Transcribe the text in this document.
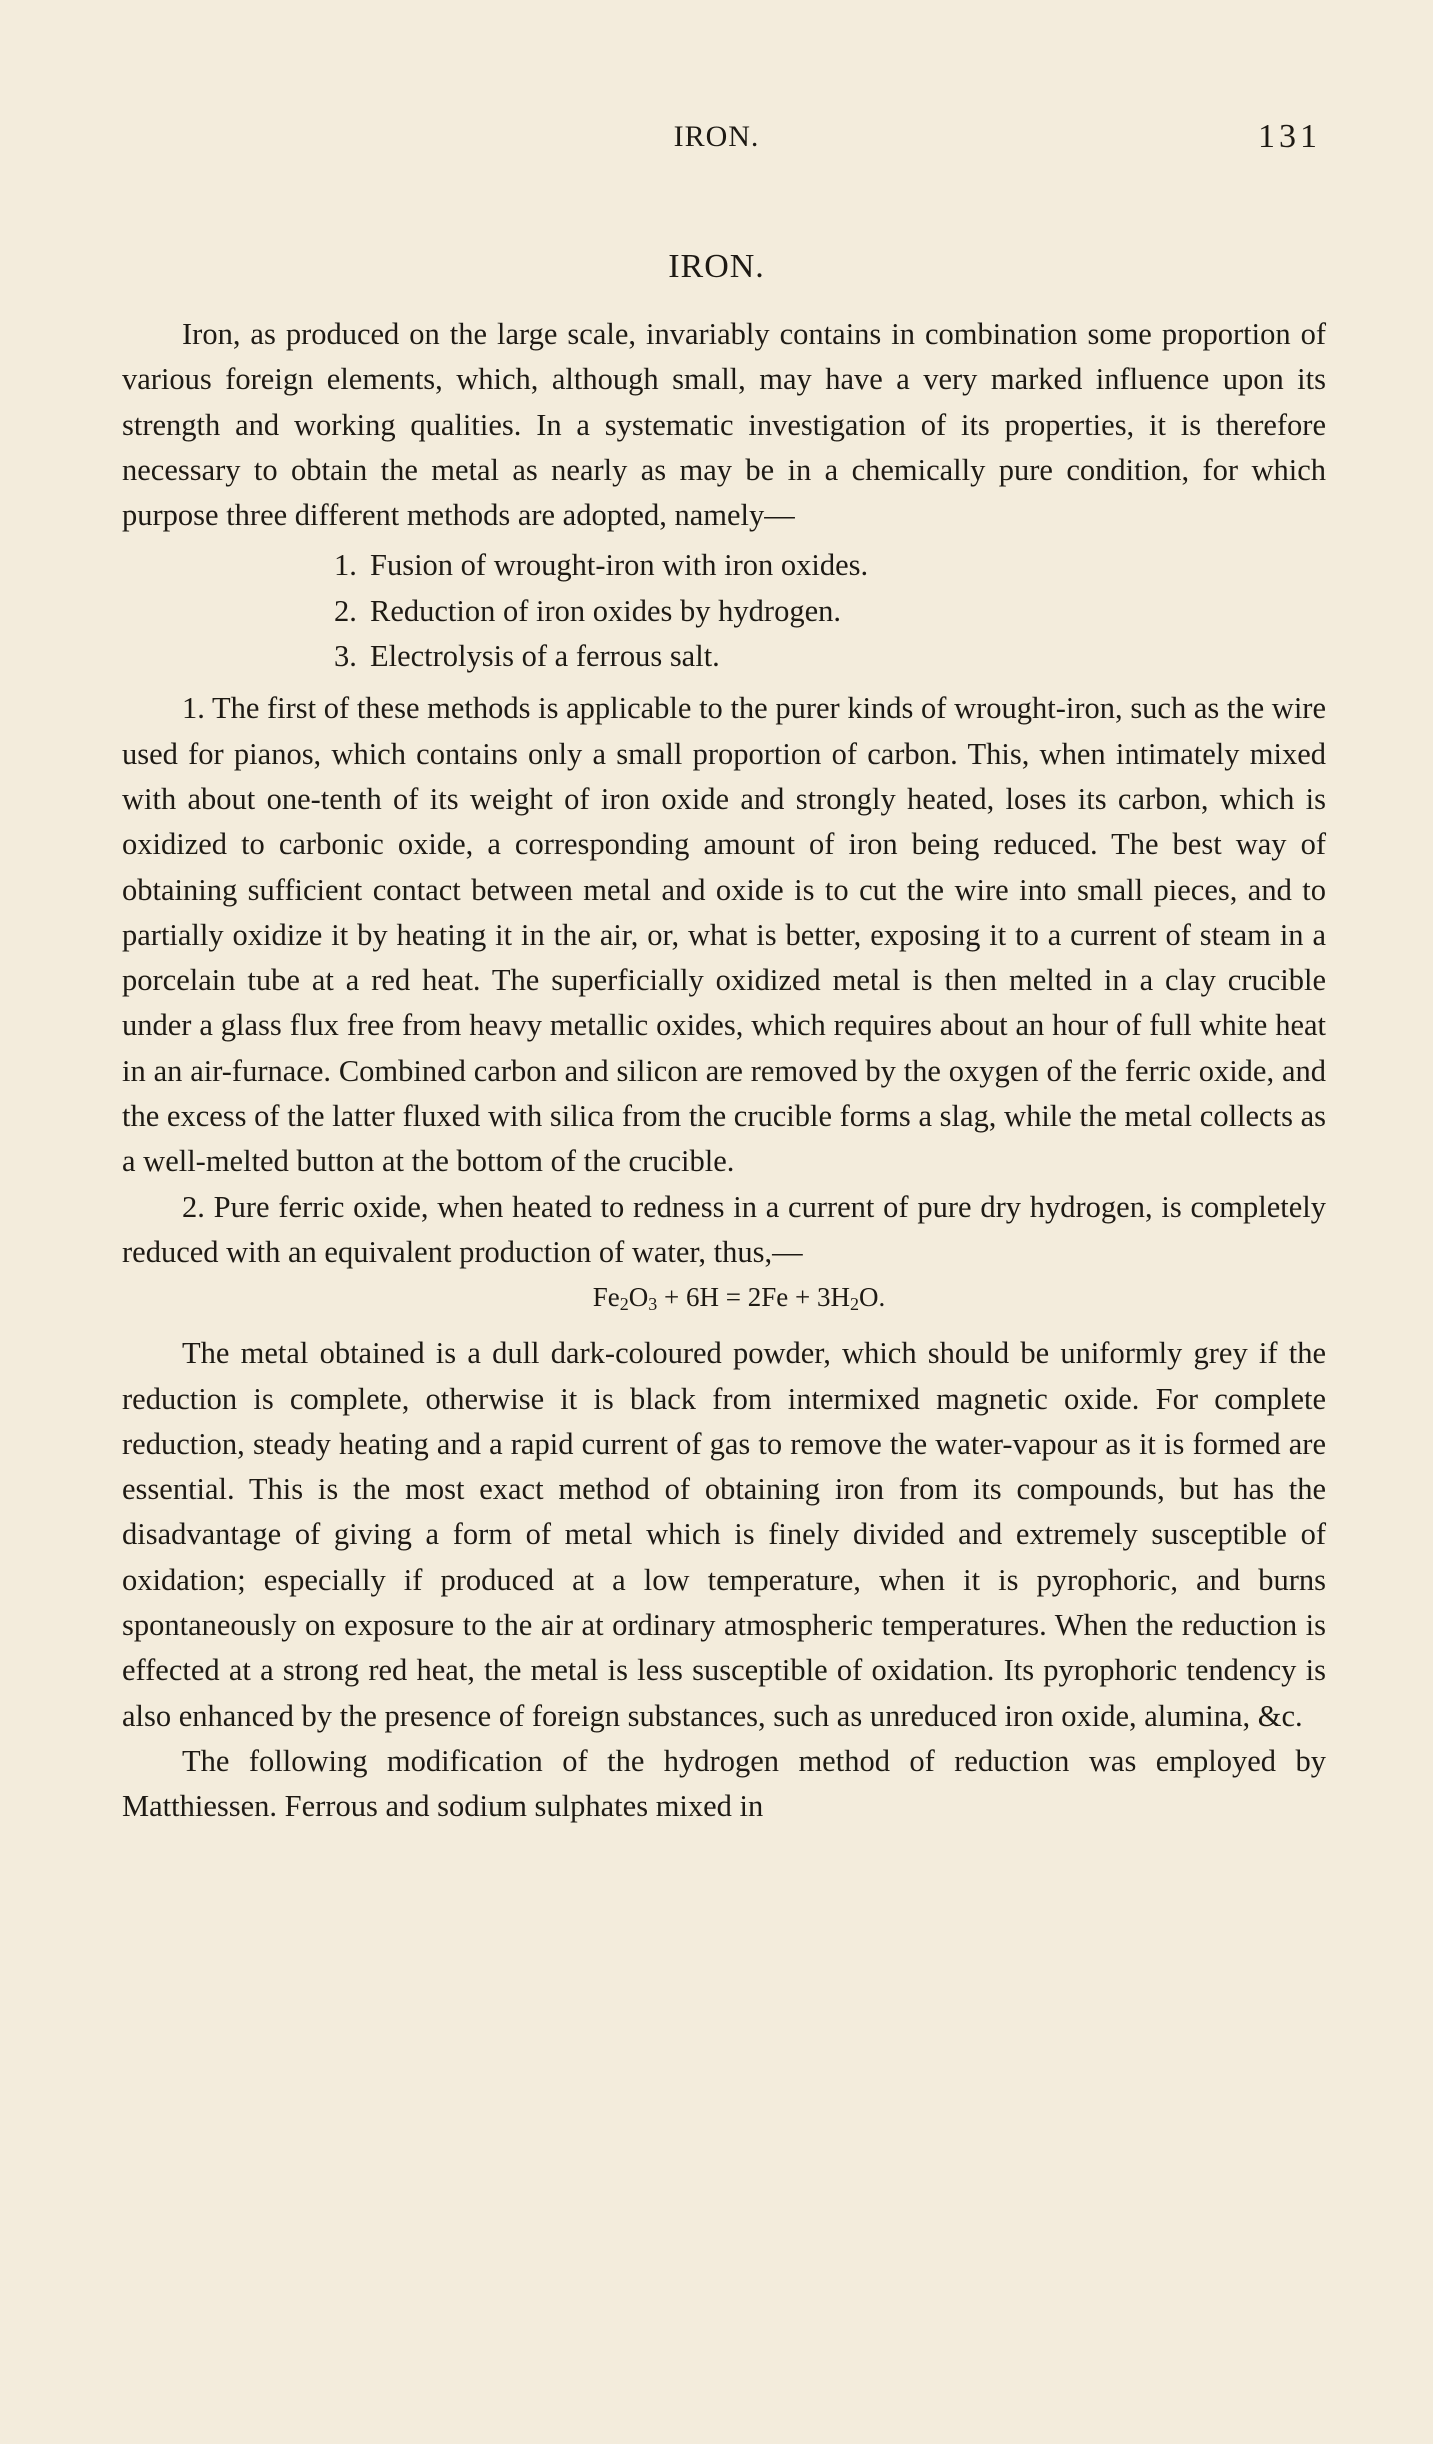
IRON.	131
IRON.

Iron, as produced on the large scale, invariably contains in combination some proportion of various foreign elements, which, although small, may have a very marked influence upon its strength and working qualities. In a systematic investigation of its properties, it is therefore necessary to obtain the metal as nearly as may be in a chemically pure condition, for which purpose three different methods are adopted, namely—

1. Fusion of wrought-iron with iron oxides.
2. Reduction of iron oxides by hydrogen.
3. Electrolysis of a ferrous salt.

1. The first of these methods is applicable to the purer kinds of wrought-iron, such as the wire used for pianos, which contains only a small proportion of carbon. This, when intimately mixed with about one-tenth of its weight of iron oxide and strongly heated, loses its carbon, which is oxidized to carbonic oxide, a corresponding amount of iron being reduced. The best way of obtaining sufficient contact between metal and oxide is to cut the wire into small pieces, and to partially oxidize it by heating it in the air, or, what is better, exposing it to a current of steam in a porcelain tube at a red heat. The superficially oxidized metal is then melted in a clay crucible under a glass flux free from heavy metallic oxides, which requires about an hour of full white heat in an air-furnace. Combined carbon and silicon are removed by the oxygen of the ferric oxide, and the excess of the latter fluxed with silica from the crucible forms a slag, while the metal collects as a well-melted button at the bottom of the crucible.

2. Pure ferric oxide, when heated to redness in a current of pure dry hydrogen, is completely reduced with an equivalent production of water, thus,—

$Fe_2O_3 + 6H = 2Fe + 3H_2O$.

The metal obtained is a dull dark-coloured powder, which should be uniformly grey if the reduction is complete, otherwise it is black from intermixed magnetic oxide. For complete reduction, steady heating and a rapid current of gas to remove the water-vapour as it is formed are essential. This is the most exact method of obtaining iron from its compounds, but has the disadvantage of giving a form of metal which is finely divided and extremely susceptible of oxidation; especially if produced at a low temperature, when it is pyrophoric, and burns spontaneously on exposure to the air at ordinary atmospheric temperatures. When the reduction is effected at a strong red heat, the metal is less susceptible of oxidation. Its pyrophoric tendency is also enhanced by the presence of foreign substances, such as unreduced iron oxide, alumina, &c.

The following modification of the hydrogen method of reduction was employed by Matthiessen. Ferrous and sodium sulphates mixed in
